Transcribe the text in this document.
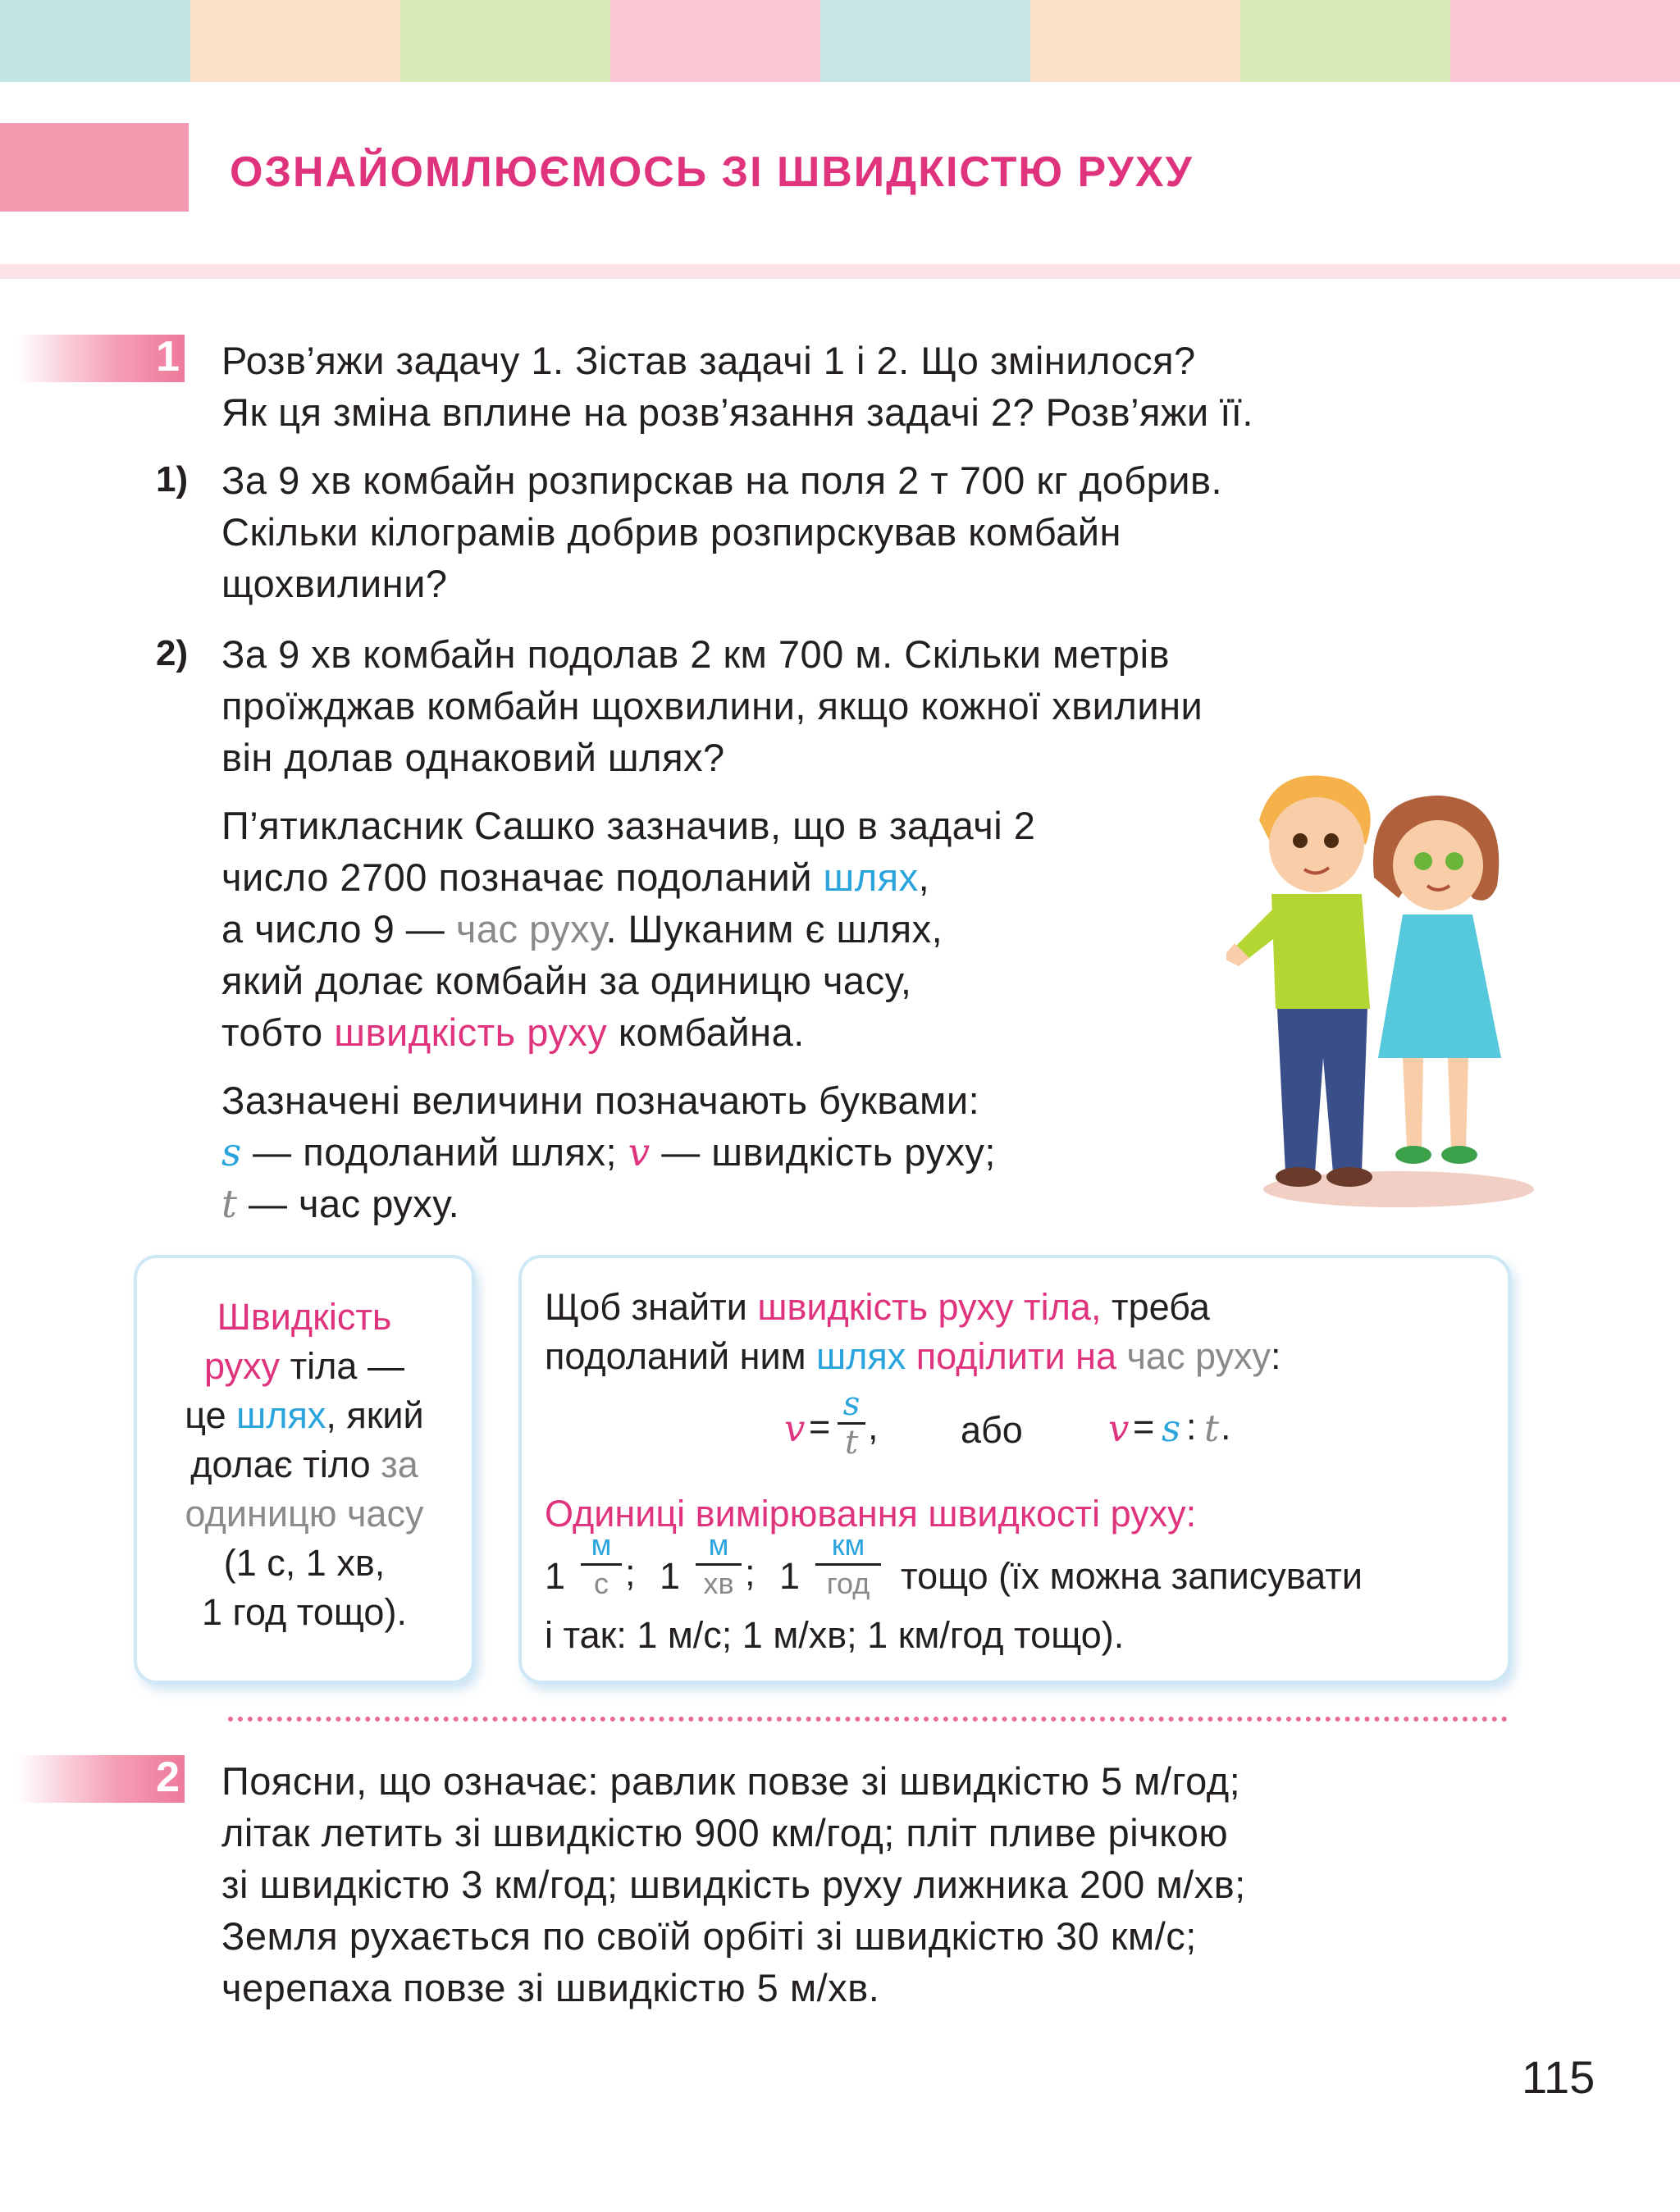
ОЗНАЙОМЛЮЄМОСЬ ЗІ ШВИДКІСТЮ РУХУ
1 Розв’яжи задачу 1. Зістав задачі 1 і 2. Що змінилося?
Як ця зміна вплине на розв’язання задачі 2? Розв’яжи її.
1) За 9 хв комбайн розпирскав на поля 2 т 700 кг добрив.
Скільки кілограмів добрив розпирскував комбайн
щохвилини?
2) За 9 хв комбайн подолав 2 км 700 м. Скільки метрів
проїжджав комбайн щохвилини, якщо кожної хвилини
він долав однаковий шлях?
П’ятикласник Сашко зазначив, що в задачі 2
число 2700 позначає подоланий шлях,
а число 9 — час руху. Шуканим є шлях,
який долає комбайн за одиницю часу,
тобто швидкість руху комбайна.
Зазначені величини позначають буквами:
s — подоланий шлях; v — швидкість руху;
t — час руху.
Швидкість
руху тіла —
це шлях, який
долає тіло за
одиницю часу
(1 с, 1 хв,
1 год тощо).
Щоб знайти швидкість руху тіла, треба
подоланий ним шлях поділити на час руху:
v =
s
t , або v = s : t .
Одиниці вимірювання швидкості руху:
1
м
с ; 1
м
хв ; 1
км
год тощо (їх можна записувати
і так: 1 м/с; 1 м/хв; 1 км/год тощо).
2 Поясни, що означає: равлик повзе зі швидкістю 5 м/год;
літак летить зі швидкістю 900 км/год; пліт пливе річкою
зі швидкістю 3 км/год; швидкість руху лижника 200 м/хв;
Земля рухається по своїй орбіті зі швидкістю 30 км/с;
черепаха повзе зі швидкістю 5 м/хв.
115
